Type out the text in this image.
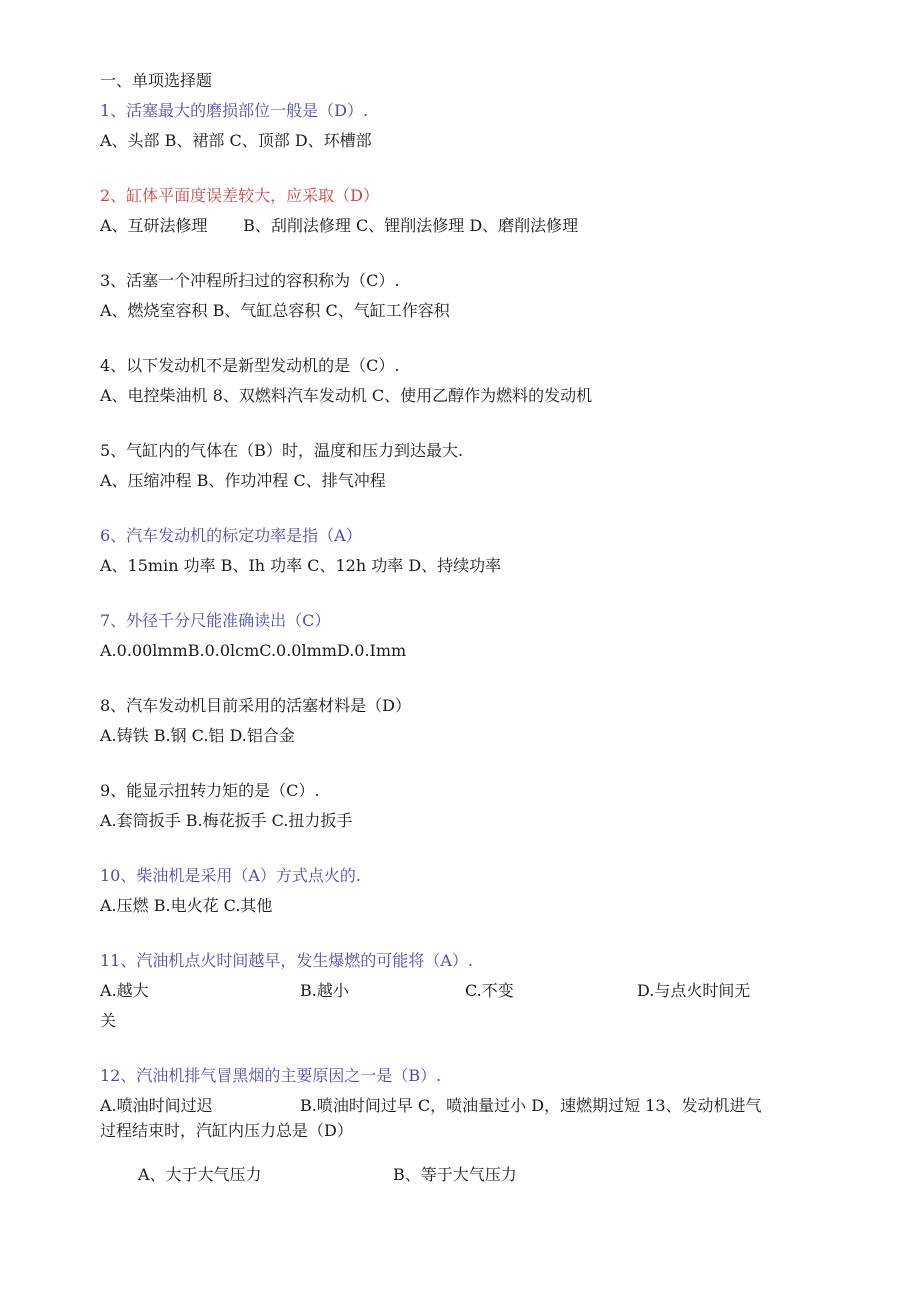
一、单项选择题
1、活塞最大的磨损部位一般是（D）.
A、头部 B、裙部 C、顶部 D、环槽部
2、缸体平面度误差较大，应采取（D）
A、互研法修理       B、刮削法修理 C、锂削法修理 D、磨削法修理
3、活塞一个冲程所扫过的容积称为（C）.
A、燃烧室容积 B、气缸总容积 C、气缸工作容积
4、以下发动机不是新型发动机的是（C）.
A、电控柴油机 8、双燃料汽车发动机 C、使用乙醇作为燃料的发动机
5、气缸内的气体在（B）时，温度和压力到达最大.
A、压缩冲程 B、作功冲程 C、排气冲程
6、汽车发动机的标定功率是指（A）
A、15min 功率 B、Ih 功率 C、12h 功率 D、持续功率
7、外径千分尺能准确读出（C）
A.0.00lmmB.0.0lcmC.0.0lmmD.0.Imm
8、汽车发动机目前采用的活塞材料是（D）
A.铸铁 B.钢 C.铝 D.铝合金
9、能显示扭转力矩的是（C）.
A.套筒扳手 B.梅花扳手 C.扭力扳手
10、柴油机是采用（A）方式点火的.
A.压燃 B.电火花 C.其他
11、汽油机点火时间越早，发生爆燃的可能将（A）.
A.越大	B.越小	C.不变	D.与点火时间无
关
12、汽油机排气冒黑烟的主要原因之一是（B）.
A.喷油时间过迟	B.喷油时间过早 C，喷油量过小 D，速燃期过短 13、发动机进气
过程结束时，汽缸内压力总是（D）
A、大于大气压力	B、等于大气压力
